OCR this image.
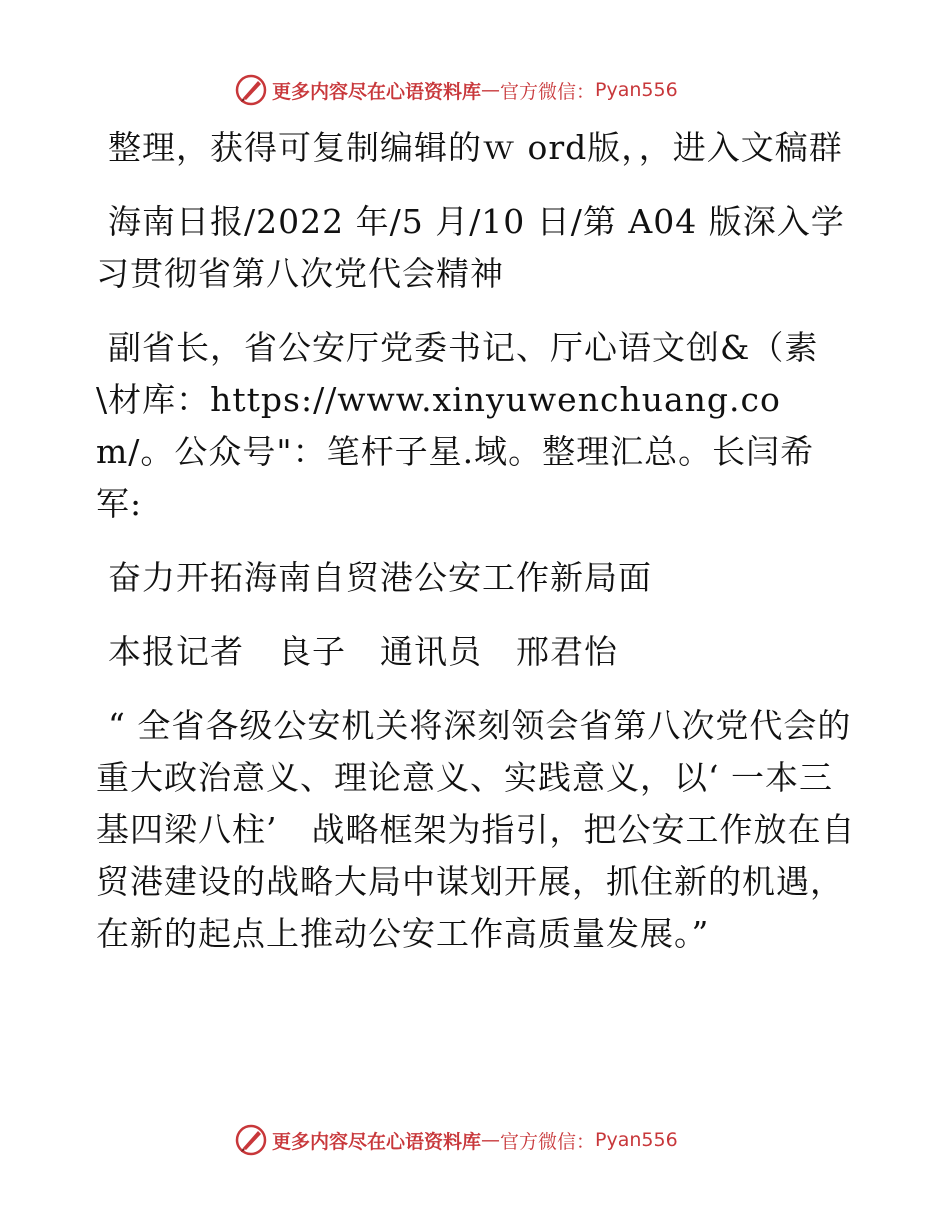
更多内容尽在心语资料库 — 官方微信： Pyan556

整理，获得可复制编辑的ｗ ord版，，进入文稿群

海南日报/2022 年/5 月/10 日/第 A04 版深入学习贯彻省第八次党代会精神

副省长，省公安厅党委书记、厅心语文创&（素\材库：https://www.xinyuwenchuang.com/。公众号"：笔杆子星.域。整理汇总。长闫希军:

奋力开拓海南自贸港公安工作新局面

本报记者　良子　通讯员　邢君怡

“ 全省各级公安机关将深刻领会省第八次党代会的重大政治意义、理论意义、实践意义，以‘ 一本三基四梁八柱’　战略框架为指引，把公安工作放在自贸港建设的战略大局中谋划开展，抓住新的机遇，在新的起点上推动公安工作高质量发展。”

更多内容尽在心语资料库 — 官方微信： Pyan556
